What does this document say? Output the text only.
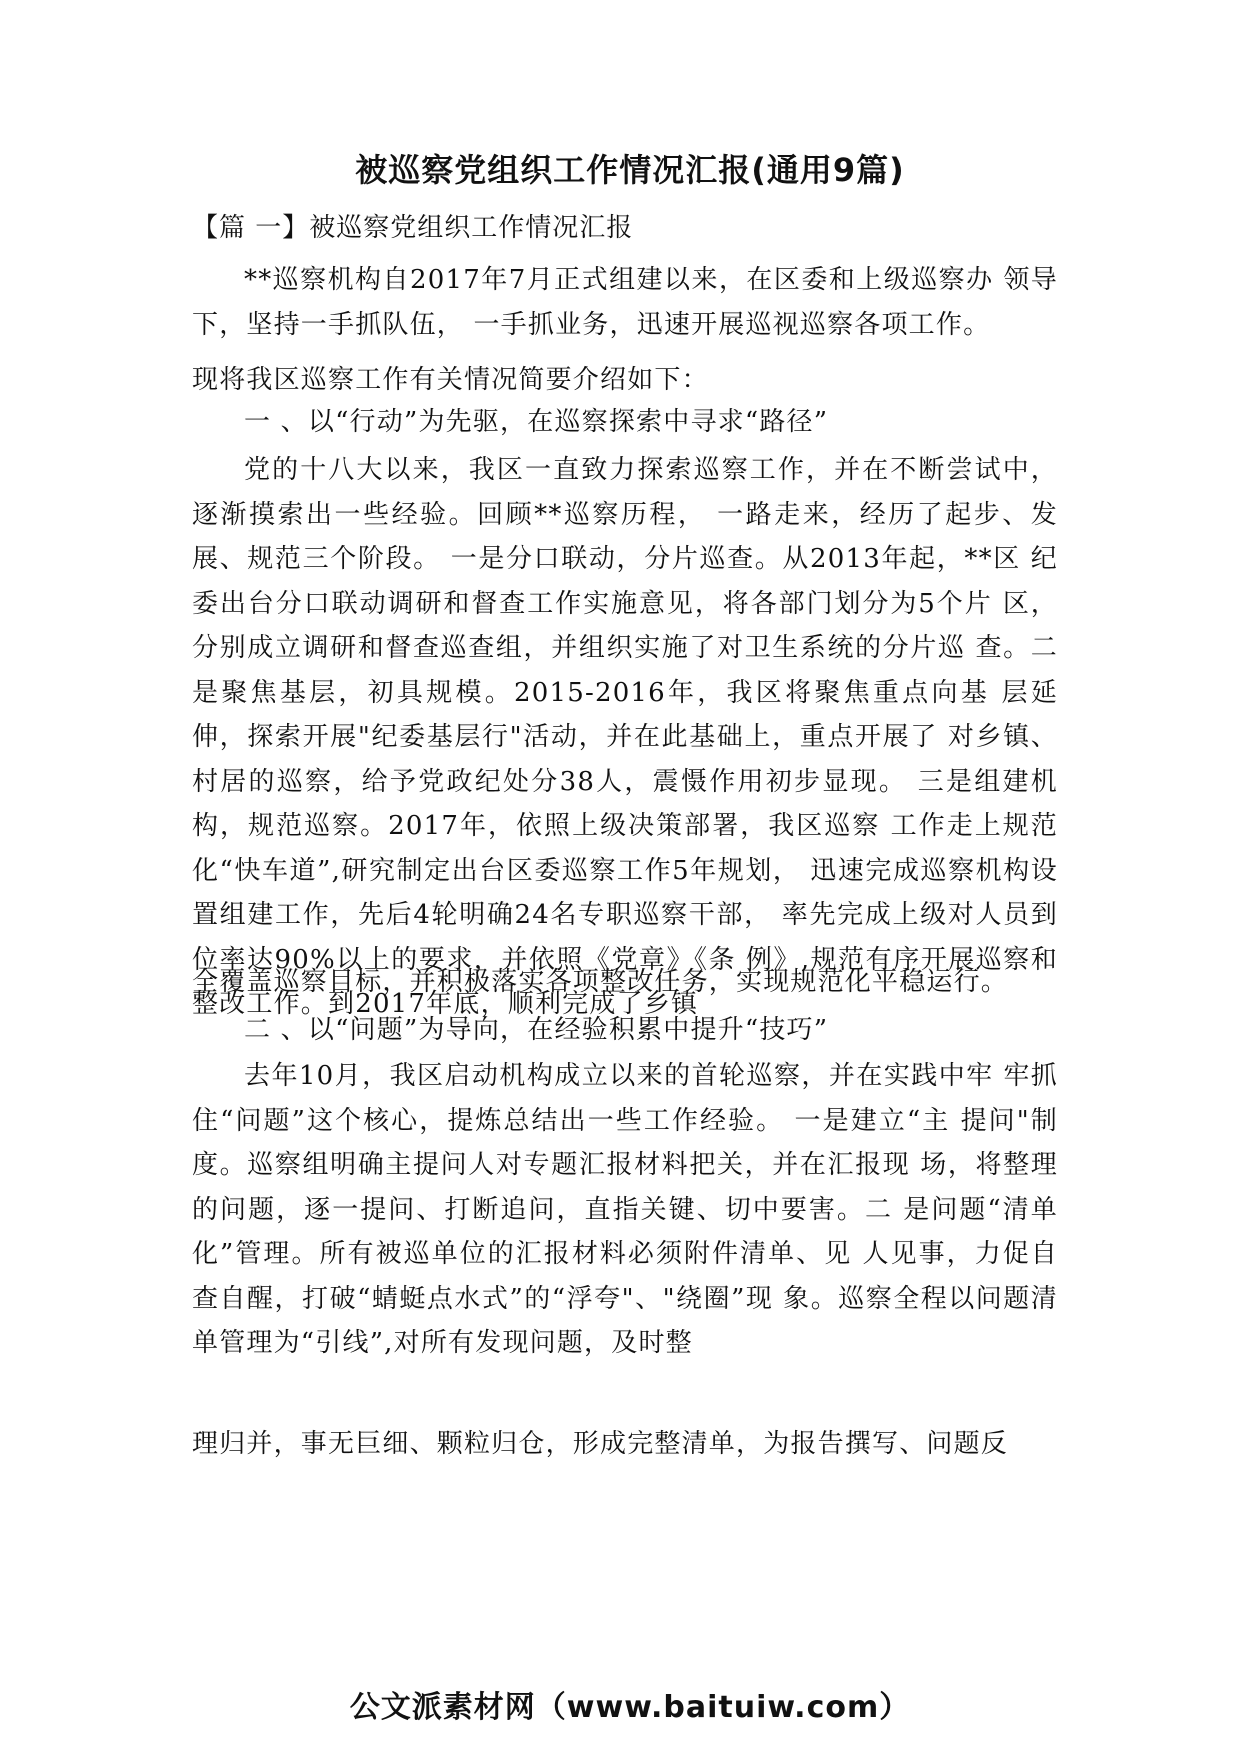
被巡察党组织工作情况汇报(通用9篇)
【篇 一】被巡察党组织工作情况汇报

**巡察机构自2017年7月正式组建以来，在区委和上级巡察办 领导下，坚持一手抓队伍， 一手抓业务，迅速开展巡视巡察各项工作。

现将我区巡察工作有关情况简要介绍如下：
一 、以“行动”为先驱，在巡察探索中寻求“路径”

党的十八大以来，我区一直致力探索巡察工作，并在不断尝试中，逐渐摸索出一些经验。回顾**巡察历程， 一路走来，经历了起步、发展、规范三个阶段。 一是分口联动，分片巡查。从2013年起，**区 纪委出台分口联动调研和督查工作实施意见，将各部门划分为5个片 区，分别成立调研和督查巡查组，并组织实施了对卫生系统的分片巡 查。二是聚焦基层，初具规模。2015-2016年，我区将聚焦重点向基 层延伸，探索开展"纪委基层行"活动，并在此基础上，重点开展了 对乡镇、村居的巡察，给予党政纪处分38人，震慑作用初步显现。 三是组建机构，规范巡察。2017年，依照上级决策部署，我区巡察 工作走上规范化“快车道”,研究制定出台区委巡察工作5年规划， 迅速完成巡察机构设置组建工作，先后4轮明确24名专职巡察干部， 率先完成上级对人员到位率达90%以上的要求，并依照《党章》《条 例》,规范有序开展巡察和整改工作。到2017年底，顺利完成了乡镇

全覆盖巡察目标，并积极落实各项整改任务，实现规范化平稳运行。
二 、以“问题”为导向，在经验积累中提升“技巧”

去年10月，我区启动机构成立以来的首轮巡察，并在实践中牢 牢抓住“问题”这个核心，提炼总结出一些工作经验。 一是建立“主 提问"制度。巡察组明确主提问人对专题汇报材料把关，并在汇报现 场，将整理的问题，逐一提问、打断追问，直指关键、切中要害。二 是问题“清单化”管理。所有被巡单位的汇报材料必须附件清单、见 人见事，力促自查自醒，打破“蜻蜓点水式”的“浮夸"、"绕圈”现 象。巡察全程以问题清单管理为“引线”,对所有发现问题，及时整

理归并，事无巨细、颗粒归仓，形成完整清单，为报告撰写、问题反
公文派素材网（www.baituiw.com）
